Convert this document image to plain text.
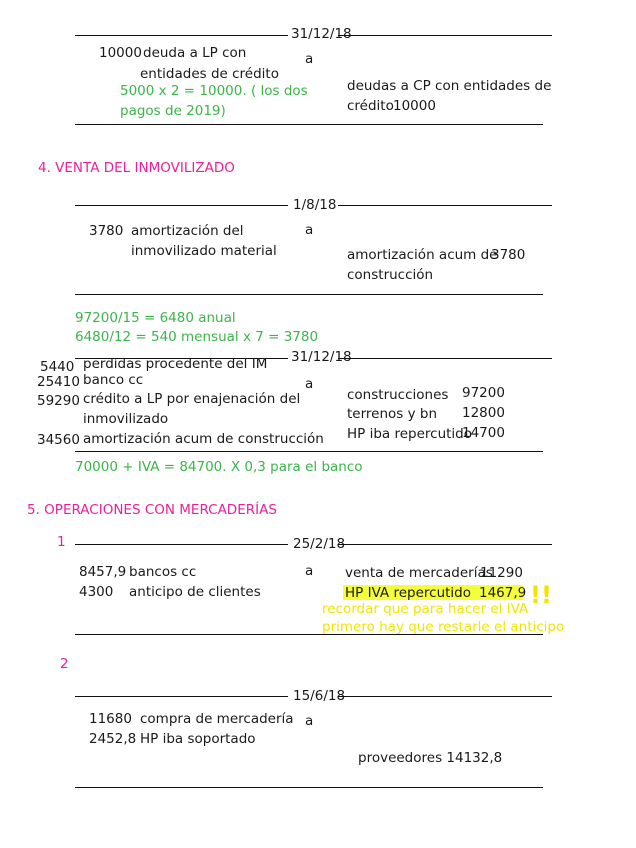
31/12/18
10000 deuda a LP con
entidades de crédito
a
5000 x 2 = 10000. ( los dos
pagos de 2019)
deudas a CP con entidades de
crédito 10000
4. VENTA DEL INMOVILIZADO
1/8/18
3780 amortización del
inmovilizado material
a
amortización acum de
3780
construcción
97200/15 = 6480 anual
6480/12 = 540 mensual x 7 = 3780
31/12/18
a
5440 perdidas procedente del IM
25410 banco cc
59290 crédito a LP por enajenación del
inmovilizado
34560 amortización acum de construcción
construcciones 97200
terrenos y bn 12800
HP iba repercutido
14700
70000 + IVA = 84700. X 0,3 para el banco
5. OPERACIONES CON MERCADERÍAS
1	25/2/18
a
8457,9 bancos cc
4300 anticipo de clientes
venta de mercaderías
11290
HP IVA repercutido 1467,9
recordar que para hacer el IVA
primero hay que restarle el anticipo
!!
2
15/6/18
a
11680 compra de mercadería
2452,8 HP iba soportado
proveedores 14132,8
